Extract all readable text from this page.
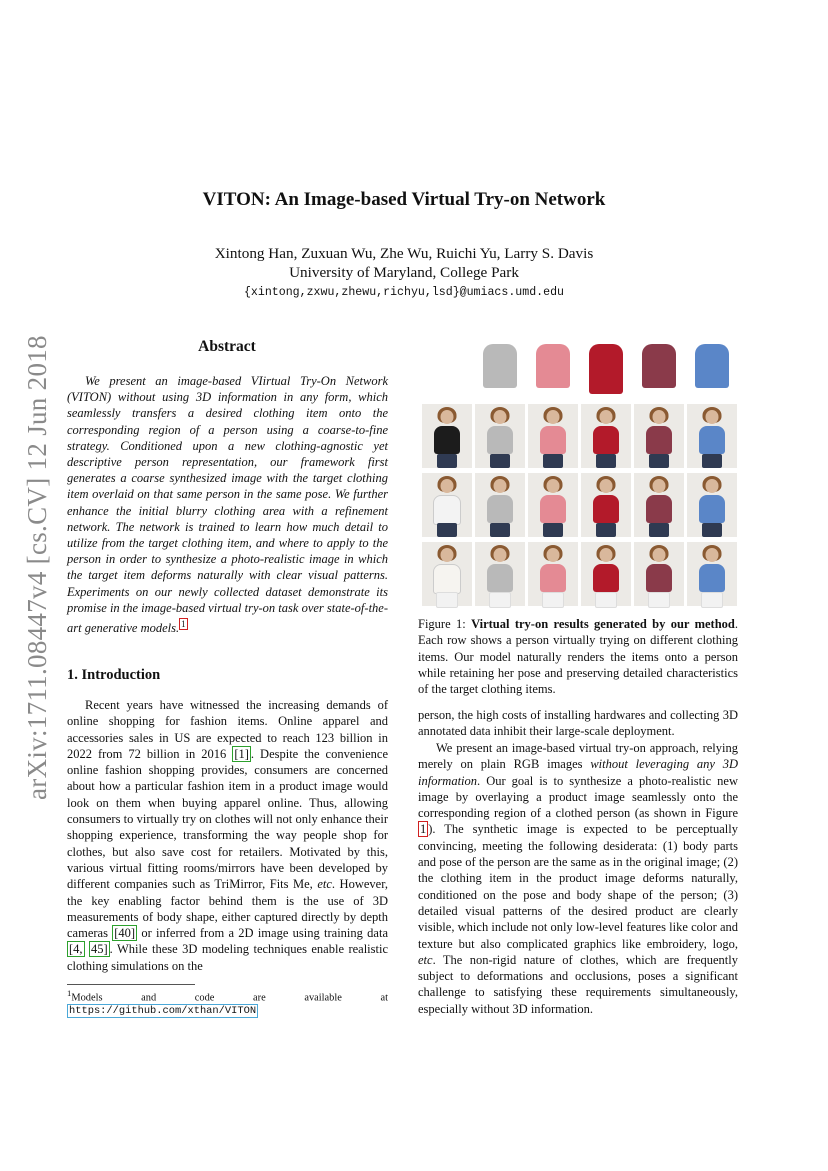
arXiv:1711.08447v4 [cs.CV] 12 Jun 2018
VITON: An Image-based Virtual Try-on Network
Xintong Han, Zuxuan Wu, Zhe Wu, Ruichi Yu, Larry S. Davis
University of Maryland, College Park
{xintong,zxwu,zhewu,richyu,lsd}@umiacs.umd.edu
Abstract

We present an image-based VIirtual Try-On Network (VITON) without using 3D information in any form, which seamlessly transfers a desired clothing item onto the corresponding region of a person using a coarse-to-fine strategy. Conditioned upon a new clothing-agnostic yet descriptive person representation, our framework first generates a coarse synthesized image with the target clothing item overlaid on that same person in the same pose. We further enhance the initial blurry clothing area with a refinement network. The network is trained to learn how much detail to utilize from the target clothing item, and where to apply to the person in order to synthesize a photo-realistic image in which the target item deforms naturally with clear visual patterns. Experiments on our newly collected dataset demonstrate its promise in the image-based virtual try-on task over state-of-the-art generative models. $^1$

1. Introduction

Recent years have witnessed the increasing demands of online shopping for fashion items. Online apparel and accessories sales in US are expected to reach 123 billion in 2022 from 72 billion in 2016 [1] . Despite the convenience online fashion shopping provides, consumers are concerned about how a particular fashion item in a product image would look on them when buying apparel online. Thus, allowing consumers to virtually try on clothes will not only enhance their shopping experience, transforming the way people shop for clothes, but also save cost for retailers. Motivated by this, various virtual fitting rooms/mirrors have been developed by different companies such as TriMirror, Fits Me, etc. However, the key enabling factor behind them is the use of 3D measurements of body shape, either captured directly by depth cameras [40] or inferred from a 2D image using training data [4, 45] . While these 3D modeling techniques enable realistic clothing simulations on the

$^1$Models and code are available at https://github.com/xthan/VITON

Figure 1: Virtual try-on results generated by our method. Each row shows a person virtually trying on different clothing items. Our model naturally renders the items onto a person while retaining her pose and preserving detailed characteristics of the target clothing items.

person, the high costs of installing hardwares and collecting 3D annotated data inhibit their large-scale deployment.

We present an image-based virtual try-on approach, relying merely on plain RGB images without leveraging any 3D information. Our goal is to synthesize a photo-realistic new image by overlaying a product image seamlessly onto the corresponding region of a clothed person (as shown in Figure 1 ). The synthetic image is expected to be perceptually convincing, meeting the following desiderata: (1) body parts and pose of the person are the same as in the original image; (2) the clothing item in the product image deforms naturally, conditioned on the pose and body shape of the person; (3) detailed visual patterns of the desired product are clearly visible, which include not only low-level features like color and texture but also complicated graphics like embroidery, logo, etc. The non-rigid nature of clothes, which are frequently subject to deformations and occlusions, poses a significant challenge to satisfying these requirements simultaneously, especially without 3D information.
